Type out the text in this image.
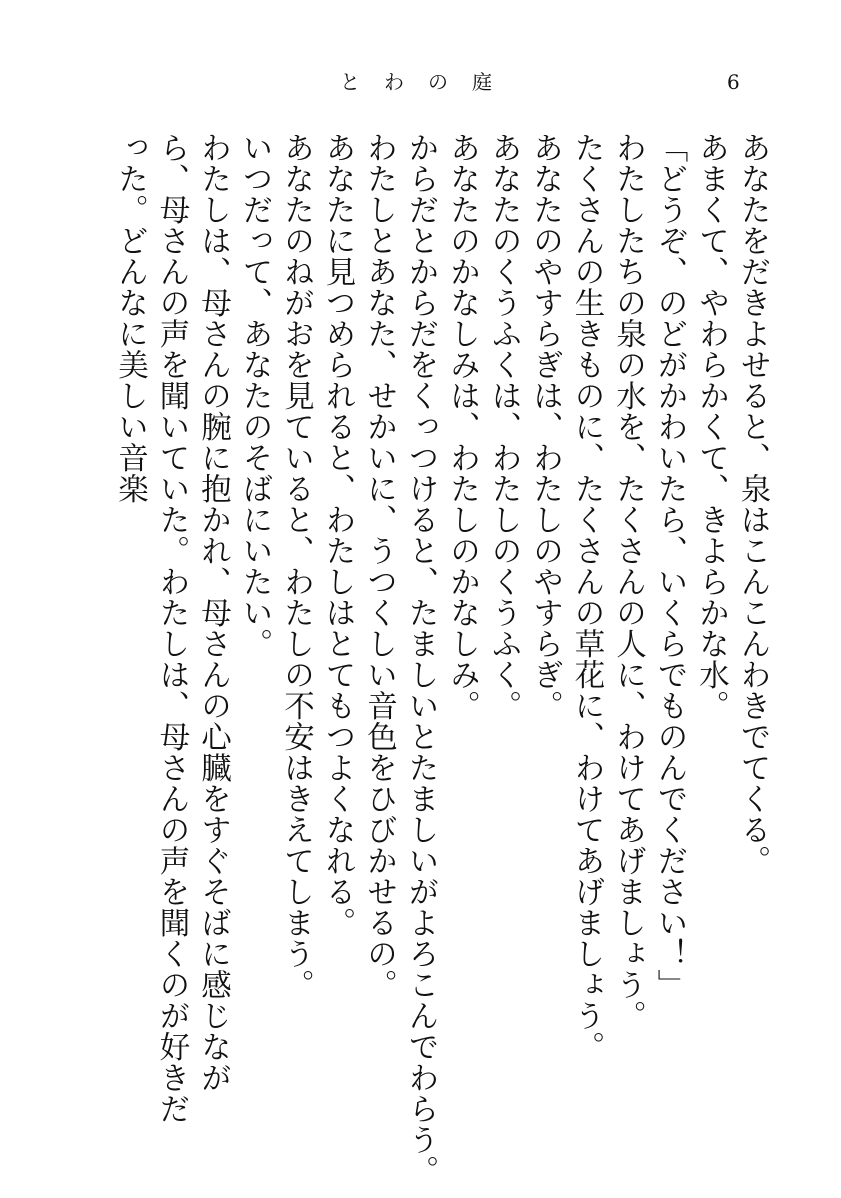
とわの庭	6

あなたをだきよせると、泉はこんこんわきでてくる。

あまくて、やわらかくて、きよらかな水。

「どうぞ、のどがかわいたら、いくらでものんでください！」

わたしたちの泉の水を、たくさんの人に、わけてあげましょう。

たくさんの生きものに、たくさんの草花に、わけてあげましょう。

あなたのやすらぎは、わたしのやすらぎ。

あなたのくうふくは、わたしのくうふく。

あなたのかなしみは、わたしのかなしみ。

からだとからだをくっつけると、たましいとたましいがよろこんでわらう。

わたしとあなた、せかいに、うつくしい音色をひびかせるの。

あなたに見つめられると、わたしはとてもつよくなれる。

あなたのねがおを見ていると、わたしの不安はきえてしまう。

いつだって、あなたのそばにいたい。

わたしは、母さんの腕に抱かれ、母さんの心臓をすぐそばに感じながら、母さんの声を聞いていた。わたしは、母さんの声を聞くのが好きだった。どんなに美しい音楽
